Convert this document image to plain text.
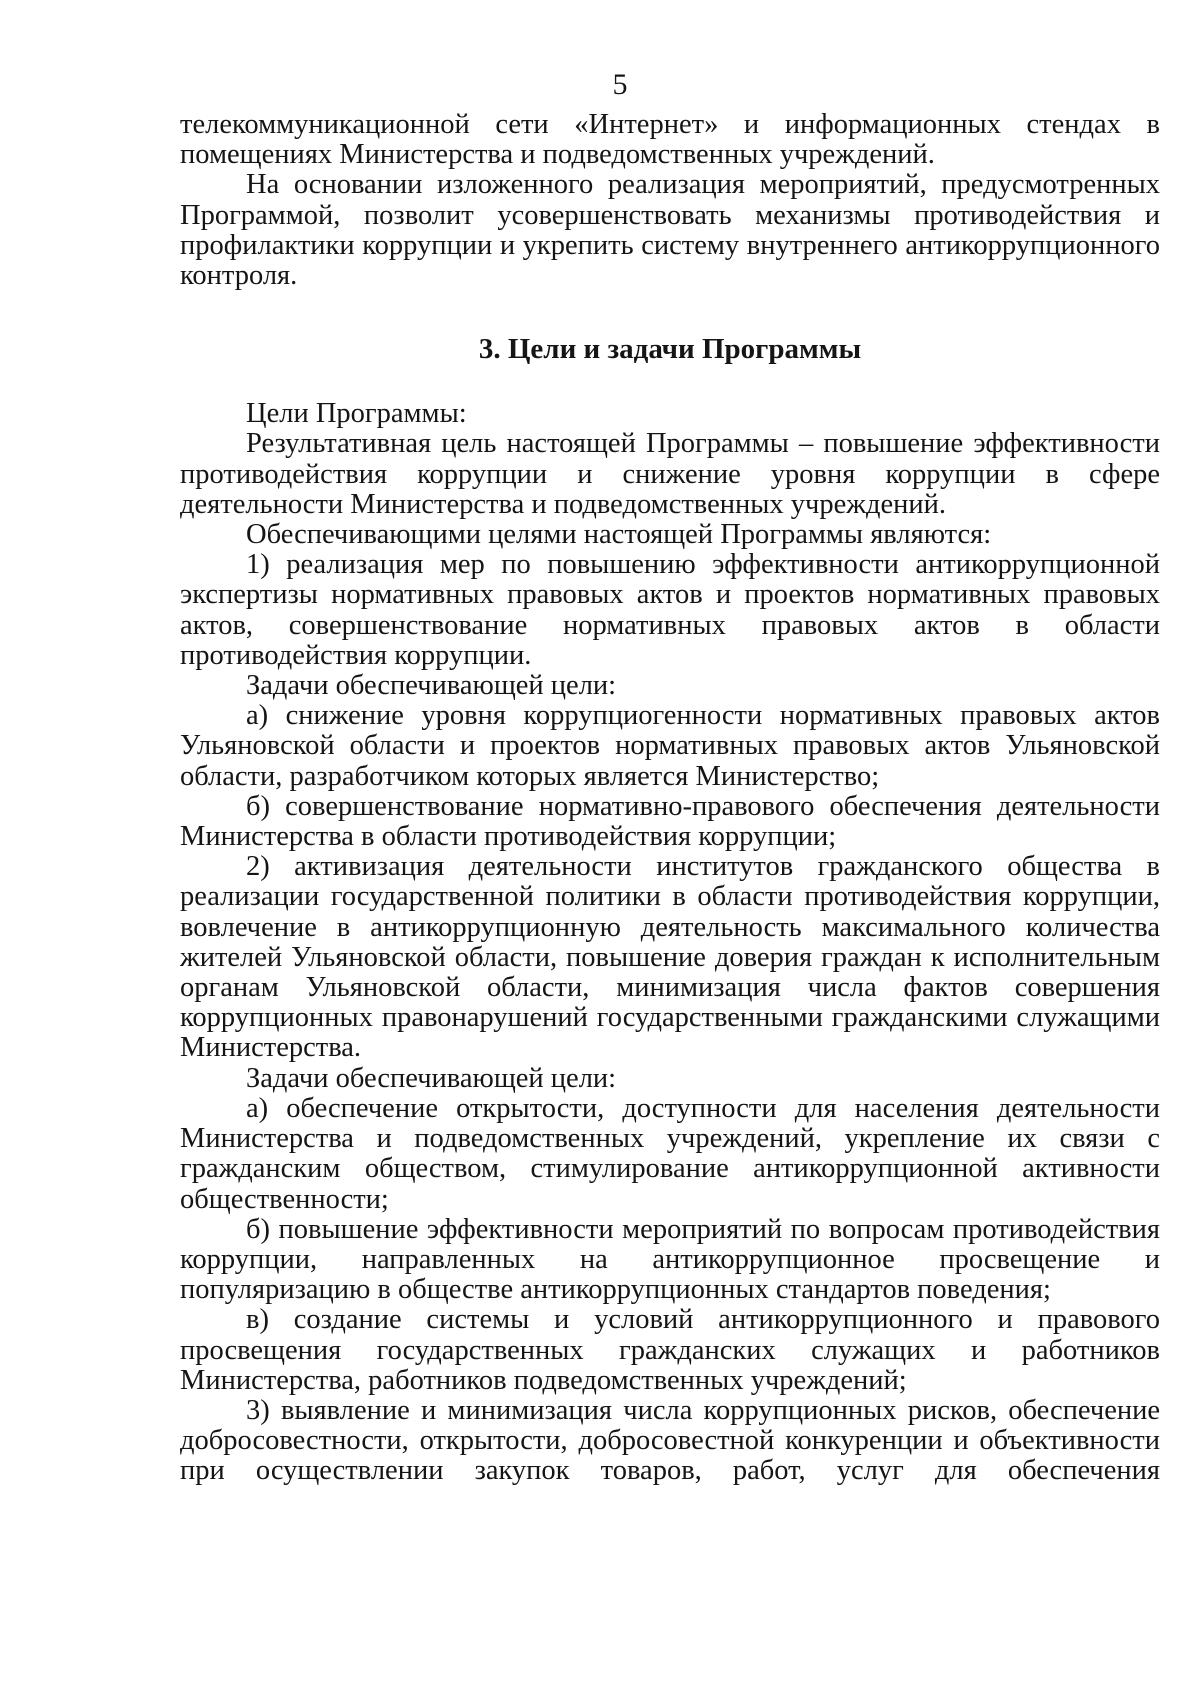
5

телекоммуникационной сети «Интернет» и информационных стендах в помещениях Министерства и подведомственных учреждений.

На основании изложенного реализация мероприятий, предусмотренных Программой, позволит усовершенствовать механизмы противодействия и профилактики коррупции и укрепить систему внутреннего антикоррупционного контроля.

3. Цели и задачи Программы

Цели Программы:

Результативная цель настоящей Программы – повышение эффективности противодействия коррупции и снижение уровня коррупции в сфере деятельности Министерства и подведомственных учреждений.

Обеспечивающими целями настоящей Программы являются:

1) реализация мер по повышению эффективности антикоррупционной экспертизы нормативных правовых актов и проектов нормативных правовых актов, совершенствование нормативных правовых актов в области противодействия коррупции.

Задачи обеспечивающей цели:

а) снижение уровня коррупциогенности нормативных правовых актов Ульяновской области и проектов нормативных правовых актов Ульяновской области, разработчиком которых является Министерство;

б) совершенствование нормативно-правового обеспечения деятельности Министерства в области противодействия коррупции;

2) активизация деятельности институтов гражданского общества в реализации государственной политики в области противодействия коррупции, вовлечение в антикоррупционную деятельность максимального количества жителей Ульяновской области, повышение доверия граждан к исполнительным органам Ульяновской области, минимизация числа фактов совершения коррупционных правонарушений государственными гражданскими служащими Министерства.

Задачи обеспечивающей цели:

а) обеспечение открытости, доступности для населения деятельности Министерства и подведомственных учреждений, укрепление их связи с гражданским обществом, стимулирование антикоррупционной активности общественности;

б) повышение эффективности мероприятий по вопросам противодействия коррупции, направленных на антикоррупционное просвещение и популяризацию в обществе антикоррупционных стандартов поведения;

в) создание системы и условий антикоррупционного и правового просвещения государственных гражданских служащих и работников Министерства, работников подведомственных учреждений;

3) выявление и минимизация числа коррупционных рисков, обеспечение добросовестности, открытости, добросовестной конкуренции и объективности при осуществлении закупок товаров, работ, услуг для обеспечения
